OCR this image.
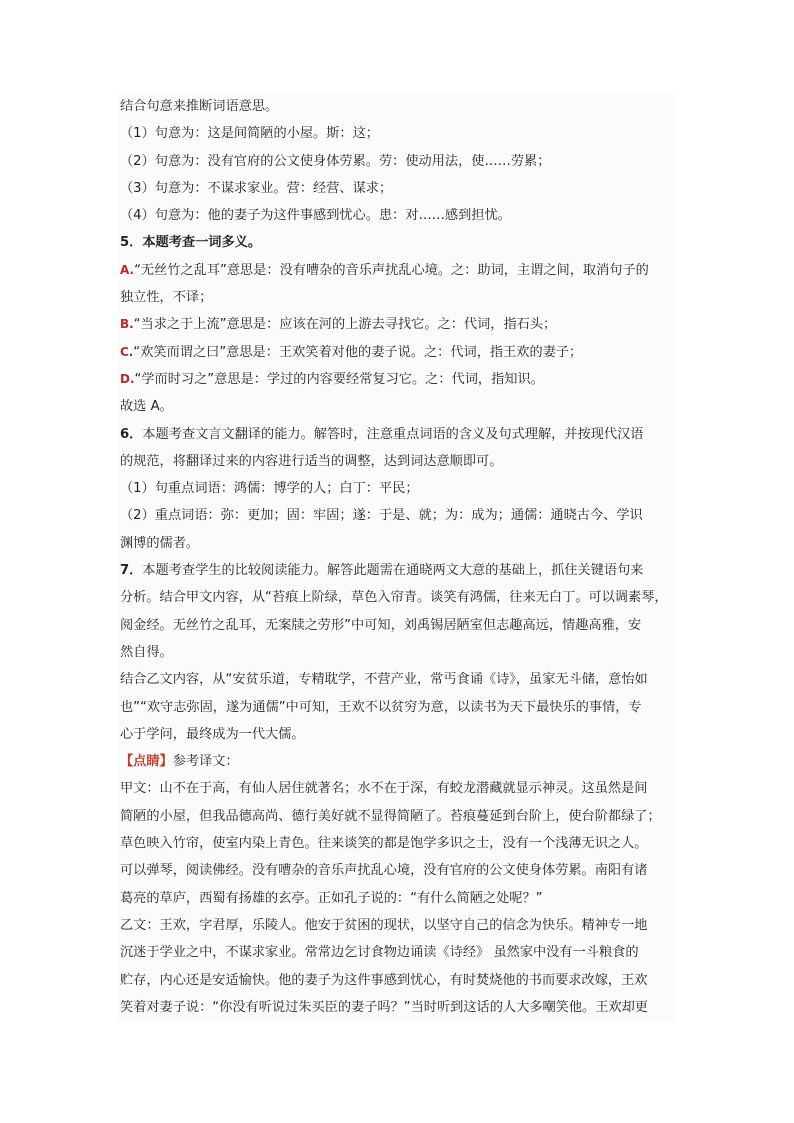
结合句意来推断词语意思。
（1）句意为：这是间简陋的小屋。斯：这；
（2）句意为：没有官府的公文使身体劳累。劳：使动用法，使……劳累；
（3）句意为：不谋求家业。营：经营、谋求；
（4）句意为：他的妻子为这件事感到忧心。患：对……感到担忧。
5．本题考查一词多义。
A.“无丝竹之乱耳”意思是：没有嘈杂的音乐声扰乱心境。之：助词，主谓之间，取消句子的
独立性，不译；
B.“当求之于上流”意思是：应该在河的上游去寻找它。之：代词，指石头；
C.“欢笑而谓之曰”意思是：王欢笑着对他的妻子说。之：代词，指王欢的妻子；
D.“学而时习之”意思是：学过的内容要经常复习它。之：代词，指知识。
故选 A。
6．本题考查文言文翻译的能力。解答时，注意重点词语的含义及句式理解，并按现代汉语
的规范，将翻译过来的内容进行适当的调整，达到词达意顺即可。
（1）句重点词语：鸿儒：博学的人；白丁：平民；
（2）重点词语：弥：更加；固：牢固；遂：于是、就；为：成为；通儒：通晓古今、学识
渊博的儒者。
7．本题考查学生的比较阅读能力。解答此题需在通晓两文大意的基础上，抓住关键语句来
分析。结合甲文内容，从“苔痕上阶绿，草色入帘青。谈笑有鸿儒，往来无白丁。可以调素琴，
阅金经。无丝竹之乱耳，无案牍之劳形”中可知，刘禹锡居陋室但志趣高远，情趣高雅，安
然自得。
结合乙文内容，从“安贫乐道，专精耽学，不营产业，常丐食诵《诗》，虽家无斗储，意怡如
也”“欢守志弥固，遂为通儒”中可知，王欢不以贫穷为意，以读书为天下最快乐的事情，专
心于学问，最终成为一代大儒。
【点睛】参考译文：
甲文：山不在于高，有仙人居住就著名；水不在于深，有蛟龙潜藏就显示神灵。这虽然是间
简陋的小屋，但我品德高尚、德行美好就不显得简陋了。苔痕蔓延到台阶上，使台阶都绿了；
草色映入竹帘，使室内染上青色。往来谈笑的都是饱学多识之士，没有一个浅薄无识之人。
可以弹琴，阅读佛经。没有嘈杂的音乐声扰乱心境，没有官府的公文使身体劳累。南阳有诸
葛亮的草庐，西蜀有扬雄的玄亭。正如孔子说的：“有什么简陋之处呢？”
乙文：王欢，字君厚，乐陵人。他安于贫困的现状，以坚守自己的信念为快乐。精神专一地
沉迷于学业之中，不谋求家业。常常边乞讨食物边诵读《诗经》 虽然家中没有一斗粮食的
贮存，内心还是安适愉快。他的妻子为这件事感到忧心，有时焚烧他的书而要求改嫁，王欢
笑着对妻子说：“你没有听说过朱买臣的妻子吗？”当时听到这话的人大多嘲笑他。王欢却更
